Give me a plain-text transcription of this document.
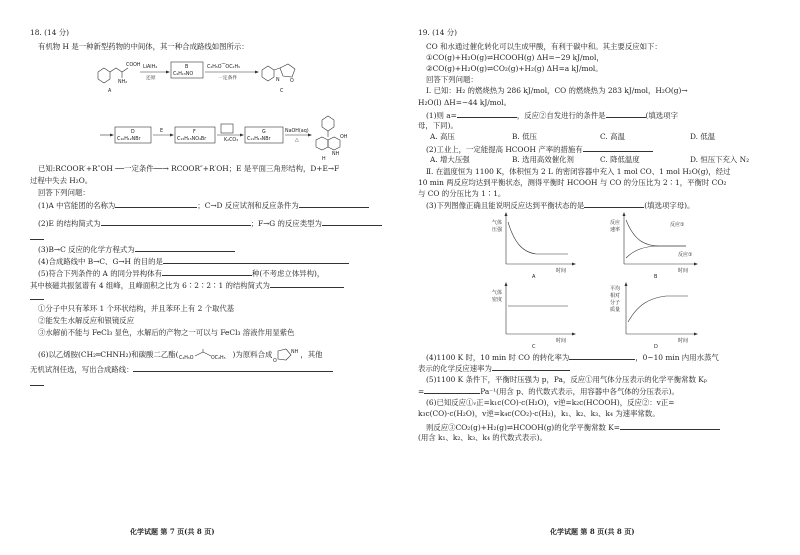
18. (14 分)
有机物 H 是一种新型药物的中间体，其一种合成路线如图所示：
COOH
NH₂
A
LiAlH₄
还原
B
C₉H₁₃NO
C₂H₅O⁀OC₂H₅
一定条件
O
N
C
D
C₁₀H₁₂NBr
E	F
C₁₃H₁₅NO₄Br	K₂CO₃
G
C₁₁H₁₃NBr
NaOH(aq)
△
OH
NH
H
已知:RCOOR′+R″OH ──一定条件──→ RCOOR″+R′OH；E 是平面三角形结构，D+E→F
过程中失去 H₂O。
回答下列问题：
(1)A 中官能团的名称为	；C→D 反应试剂和反应条件为
(2)E 的结构简式为	；F→G 的反应类型为
(3)B→C 反应的化学方程式为
(4)合成路线中 B→C、G→H 的目的是
(5)符合下列条件的 A 的同分异构体有	种(不考虑立体异构)，
其中核磁共振氢谱有 4 组峰，且峰面积之比为 6∶2∶2∶1 的结构简式为
①分子中只有苯环 1 个环状结构，并且苯环上有 2 个取代基
②能发生水解反应和银镜反应
③水解前不能与 FeCl₃ 显色，水解后的产物之一可以与 FeCl₃ 溶液作用显紫色
(6)以乙烯胺(CH₂═CHNH₂)和碳酸二乙酯( C₂H₅O	OC₂H₅ )为原料合成	NH
O
，其他
无机试剂任选，写出合成路线：
化学试题 第 7 页(共 8 页)
19. (14 分)
CO 和水通过催化转化可以生成甲酸，有利于碳中和。其主要反应如下：
①CO(g)+H₂O(g)⇌HCOOH(g) ΔH=−29 kJ/mol，
②CO(g)+H₂O(g)⇌CO₂(g)+H₂(g) ΔH=a kJ/mol。
回答下列问题：
Ⅰ. 已知：H₂ 的燃烧热为 286 kJ/mol，CO 的燃烧热为 283 kJ/mol，H₂O(g)→
H₂O(l) ΔH=−44 kJ/mol。
(1)则 a=	，反应②自发进行的条件是	(填选项字
母，下同)。
A. 高压	B. 低压	C. 高温	D. 低温
(2)工业上，一定能提高 HCOOH 产率的措施有
A. 增大压强	B. 选用高效催化剂	C. 降低温度	D. 恒压下充入 N₂
Ⅱ. 在温度恒为 1100 K，体积恒为 2 L 的密闭容器中充入 1 mol CO、1 mol H₂O(g)，经过
10 min 两反应均达到平衡状态，测得平衡时 HCOOH 与 CO 的分压比为 2∶1，平衡时 CO₂
与 CO 的分压比为 1∶1。
(3)下列图像正确且能说明反应达到平衡状态的是	(填选项字母)。
气体
压强
时间
A
反应
速率
反应①
反应①
时间
B
气体
密度
时间
C
平均
相对
分子
质量
时间
D
(4)1100 K 时，10 min 时 CO 的转化率为	，0~10 min 内用水蒸气
表示的化学反应速率为
(5)1100 K 条件下，平衡时压强为 p，Pa，反应①用气体分压表示的化学平衡常数 Kₚ
=	Pa⁻¹(用含 p、的代数式表示，用容器中各气体的分压表示)。
(6)已知反应①ᵥ正=k₁c(CO)·c(H₂O)，v逆=k₂c(HCOOH)，反应②：v正=
k₃c(CO)·c(H₂O)，v逆=k₄c(CO₂)·c(H₂)，k₁、k₂、k₃、k₄ 为速率常数。
则反应③CO₂(g)+H₂(g)⇌HCOOH(g)的化学平衡常数 K=
(用含 k₁、k₂、k₃、k₄ 的代数式表示)。
化学试题 第 8 页(共 8 页)
